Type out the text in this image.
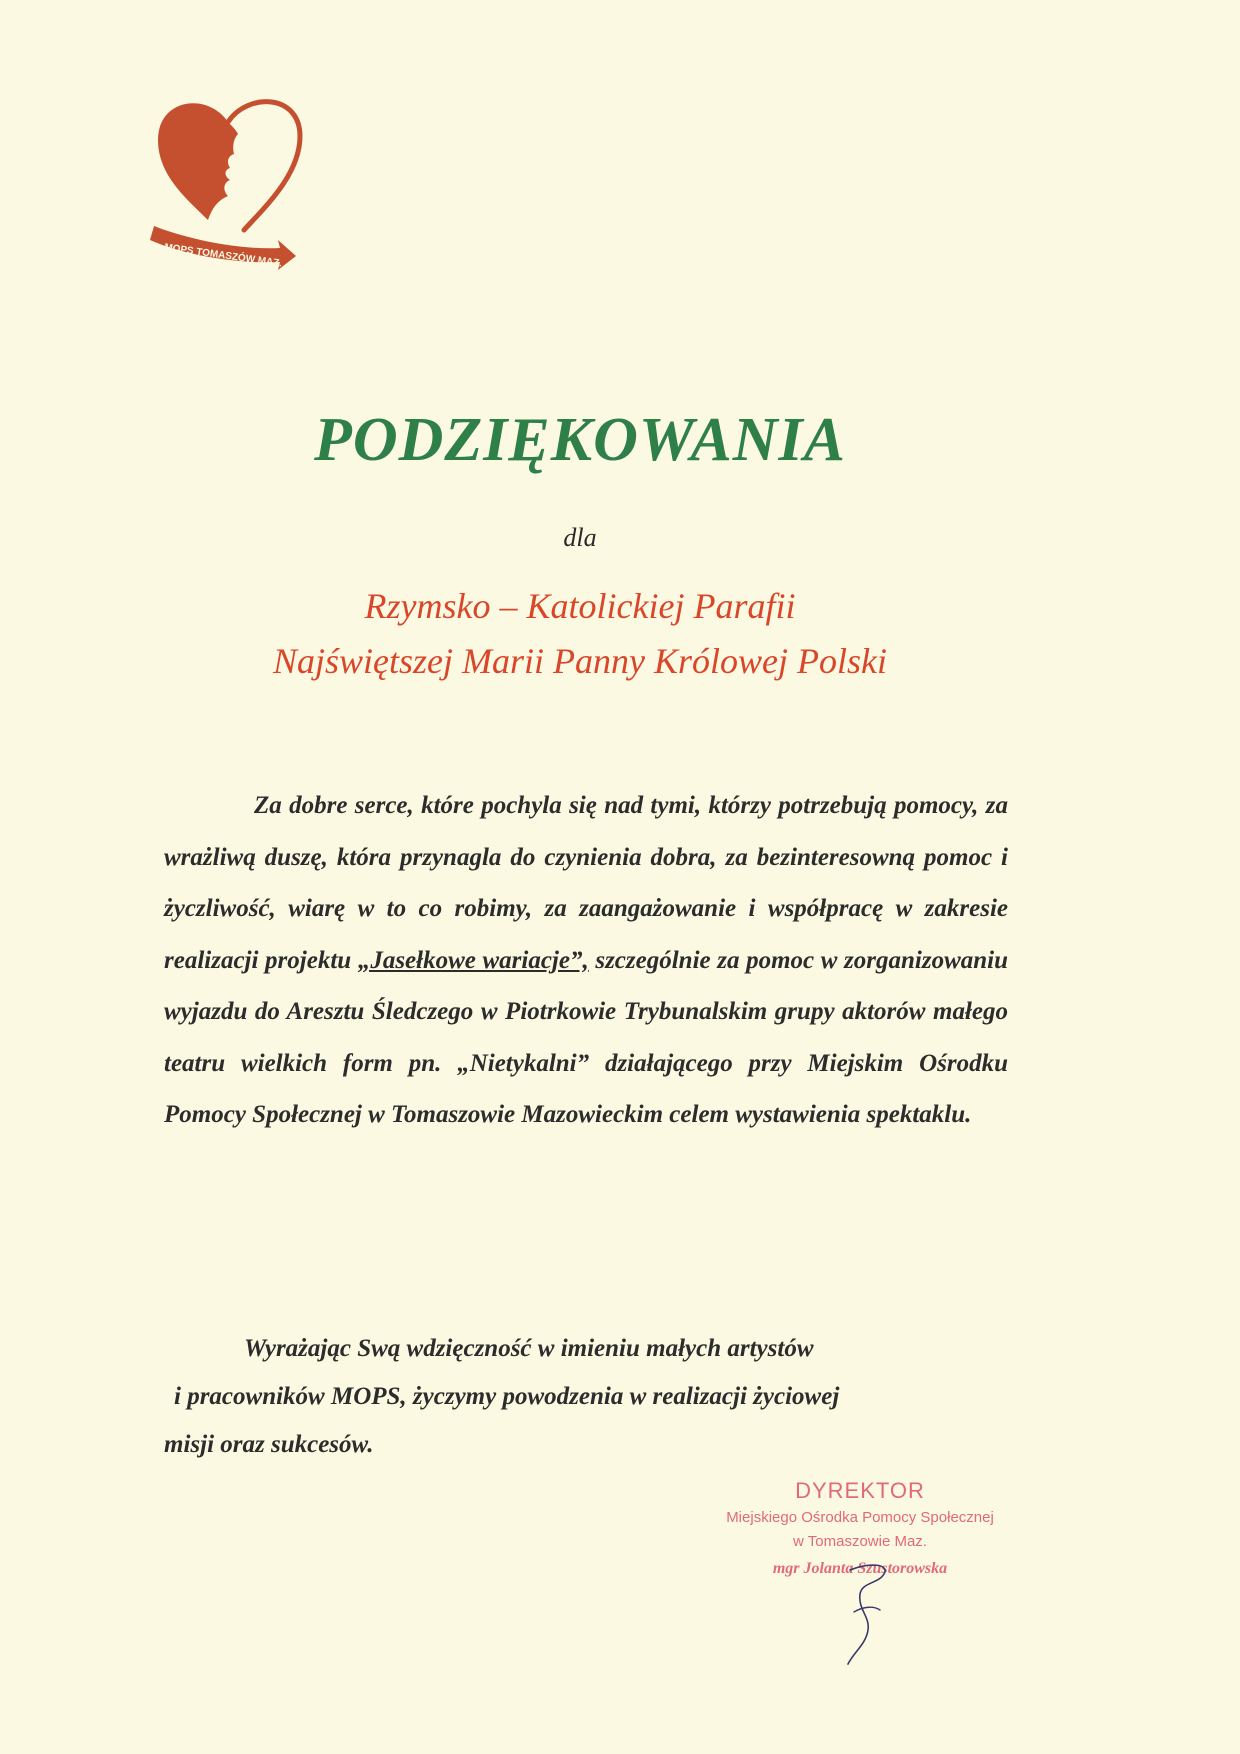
MOPS TOMASZÓW MAZ.
PODZIĘKOWANIA
dla
Rzymsko – Katolickiej Parafii
Najświętszej Marii Panny Królowej Polski

Za dobre serce, które pochyla się nad tymi, którzy potrzebują pomocy, za wrażliwą duszę, która przynagla do czynienia dobra, za bezinteresowną pomoc i życzliwość, wiarę w to co robimy, za zaangażowanie i współpracę w zakresie realizacji projektu „Jasełkowe wariacje”, szczególnie za pomoc w zorganizowaniu wyjazdu do Aresztu Śledczego w Piotrkowie Trybunalskim grupy aktorów małego teatru wielkich form pn. „Nietykalni” działającego przy Miejskim Ośrodku Pomocy Społecznej w Tomaszowie Mazowieckim celem wystawienia spektaklu.

Wyrażając Swą wdzięczność w imieniu małych artystów
i pracowników MOPS, życzymy powodzenia w realizacji życiowej
misji oraz sukcesów.
DYREKTOR
Miejskiego Ośrodka Pomocy Społecznej
w Tomaszowie Maz.
mgr Jolanta Szustorowska
